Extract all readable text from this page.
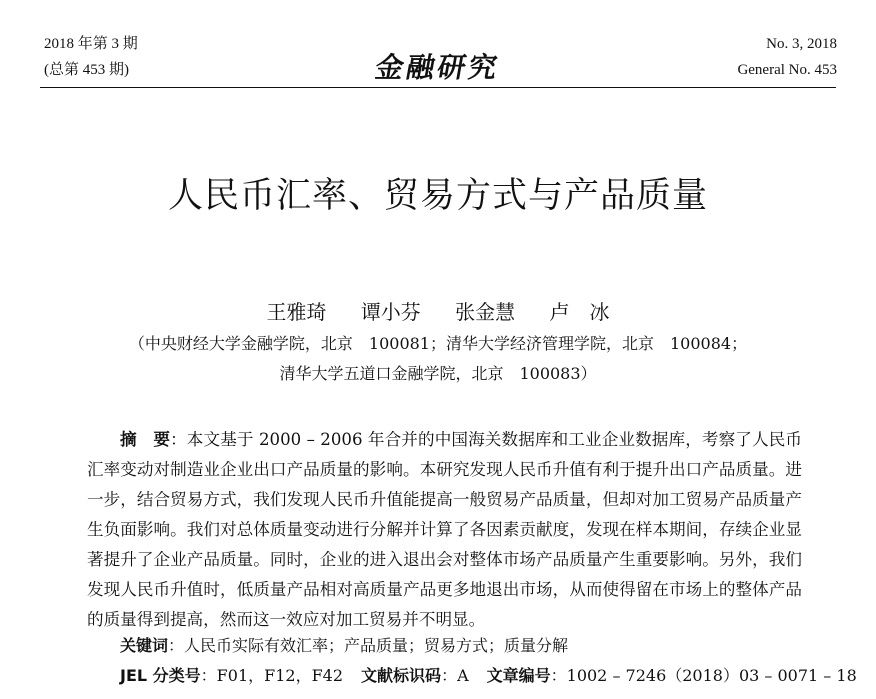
2018 年第 3 期
(总第 453 期)	金融研究
No. 3, 2018
General No. 453
人民币汇率、贸易方式与产品质量
王雅琦 谭小芬 张金慧 卢　冰
（中央财经大学金融学院，北京　100081；清华大学经济管理学院，北京　100084；
清华大学五道口金融学院，北京　100083）
摘　要：本文基于 2000 – 2006 年合并的中国海关数据库和工业企业数据库，考察了人民币汇率变动对制造业企业出口产品质量的影响。本研究发现人民币升值有利于提升出口产品质量。进一步，结合贸易方式，我们发现人民币升值能提高一般贸易产品质量，但却对加工贸易产品质量产生负面影响。我们对总体质量变动进行分解并计算了各因素贡献度，发现在样本期间，存续企业显著提升了企业产品质量。同时，企业的进入退出会对整体市场产品质量产生重要影响。另外，我们发现人民币升值时，低质量产品相对高质量产品更多地退出市场，从而使得留在市场上的整体产品的质量得到提高，然而这一效应对加工贸易并不明显。
关键词：人民币实际有效汇率；产品质量；贸易方式；质量分解
JEL 分类号：F01，F12，F42 文献标识码：A 文章编号：1002 – 7246（2018）03 – 0071 – 18
